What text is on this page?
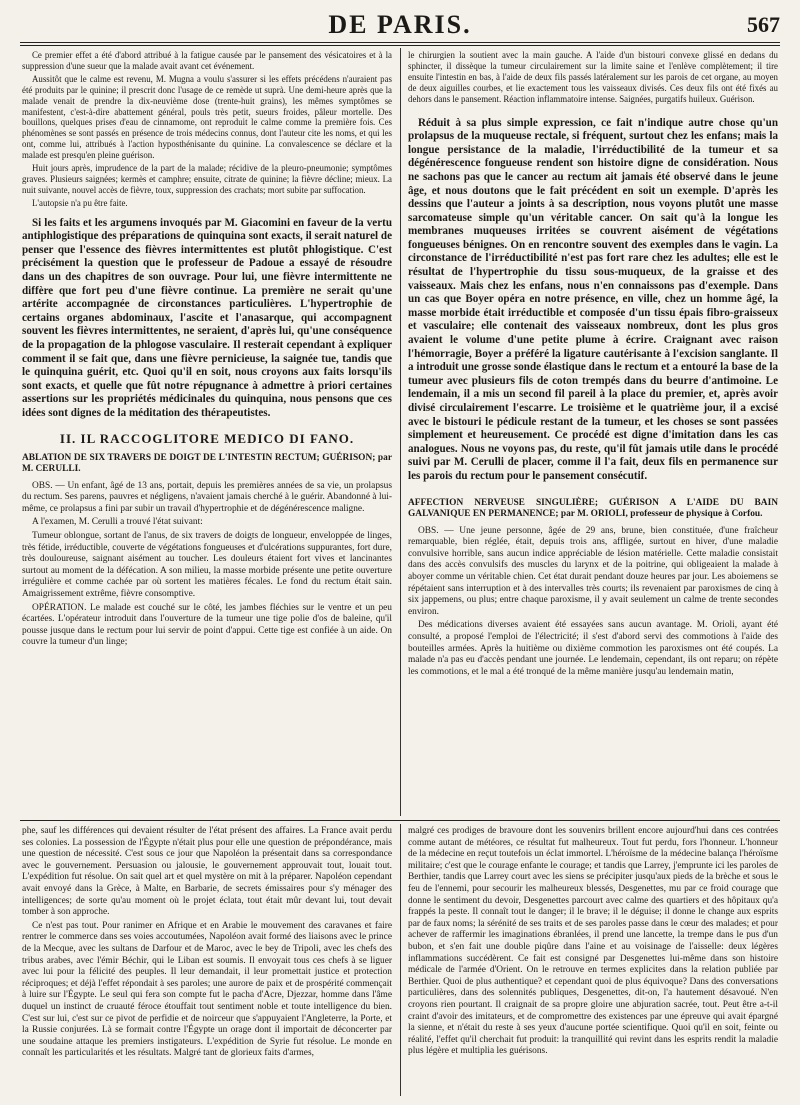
DE PARIS.	567

Ce premier effet a été d'abord attribué à la fatigue causée par le pansement des vésicatoires et à la suppression d'une sueur que la malade avait avant cet événement.

Aussitôt que le calme est revenu, M. Mugna a voulu s'assurer si les effets précédens n'auraient pas été produits par le quinine; il prescrit donc l'usage de ce remède ut suprà. Une demi-heure après que la malade venait de prendre la dix-neuvième dose (trente-huit grains), les mêmes symptômes se manifestent, c'est-à-dire abattement général, pouls très petit, sueurs froides, pâleur mortelle. Des bouillons, quelques prises d'eau de cinnamome, ont reproduit le calme comme la première fois. Ces phénomènes se sont passés en présence de trois médecins connus, dont l'auteur cite les noms, et qui les ont, comme lui, attribués à l'action hyposthénisante du quinine. La convalescence se déclare et la malade est presqu'en pleine guérison.

Huit jours après, imprudence de la part de la malade; récidive de la pleuro-pneumonie; symptômes graves. Plusieurs saignées; kermès et camphre; ensuite, citrate de quinine; la fièvre décline; mieux. La nuit suivante, nouvel accès de fièvre, toux, suppression des crachats; mort subite par suffocation.

L'autopsie n'a pu être faite.

Si les faits et les argumens invoqués par M. Giacomini en faveur de la vertu antiphlogistique des préparations de quinquina sont exacts, il serait naturel de penser que l'essence des fièvres intermittentes est plutôt phlogistique. C'est précisément la question que le professeur de Padoue a essayé de résoudre dans un des chapitres de son ouvrage. Pour lui, une fièvre intermittente ne diffère que fort peu d'une fièvre continue. La première ne serait qu'une artérite accompagnée de circonstances particulières. L'hypertrophie de certains organes abdominaux, l'ascite et l'anasarque, qui accompagnent souvent les fièvres intermittentes, ne seraient, d'après lui, qu'une conséquence de la propagation de la phlogose vasculaire. Il resterait cependant à expliquer comment il se fait que, dans une fièvre pernicieuse, la saignée tue, tandis que le quinquina guérit, etc. Quoi qu'il en soit, nous croyons aux faits lorsqu'ils sont exacts, et quelle que fût notre répugnance à admettre à priori certaines assertions sur les propriétés médicinales du quinquina, nous pensons que ces idées sont dignes de la méditation des thérapeutistes.

II. IL RACCOGLITORE MEDICO DI FANO.
ABLATION DE SIX TRAVERS DE DOIGT DE L'INTESTIN RECTUM; GUÉRISON; par M. CERULLI.

OBS. — Un enfant, âgé de 13 ans, portait, depuis les premières années de sa vie, un prolapsus du rectum. Ses parens, pauvres et négligens, n'avaient jamais cherché à le guérir. Abandonné à lui-même, ce prolapsus a fini par subir un travail d'hypertrophie et de dégénérescence maligne.

A l'examen, M. Cerulli a trouvé l'état suivant:

Tumeur oblongue, sortant de l'anus, de six travers de doigts de longueur, enveloppée de linges, très fétide, irréductible, couverte de végétations fongueuses et d'ulcérations suppurantes, fort dure, très douloureuse, saignant aisément au toucher. Les douleurs étaient fort vives et lancinantes surtout au moment de la défécation. A son milieu, la masse morbide présente une petite ouverture irrégulière et comme cachée par où sortent les matières fécales. Le fond du rectum était sain. Amaigrissement extrême, fièvre consomptive.

OPÉRATION. Le malade est couché sur le côté, les jambes fléchies sur le ventre et un peu écartées. L'opérateur introduit dans l'ouverture de la tumeur une tige polie d'os de baleine, qu'il pousse jusque dans le rectum pour lui servir de point d'appui. Cette tige est confiée à un aide. On couvre la tumeur d'un linge;

le chirurgien la soutient avec la main gauche. A l'aide d'un bistouri convexe glissé en dedans du sphincter, il dissèque la tumeur circulairement sur la limite saine et l'enlève complètement; il tire ensuite l'intestin en bas, à l'aide de deux fils passés latéralement sur les parois de cet organe, au moyen de deux aiguilles courbes, et lie exactement tous les vaisseaux divisés. Ces deux fils ont été fixés au dehors dans le pansement. Réaction inflammatoire intense. Saignées, purgatifs huileux. Guérison.

Réduit à sa plus simple expression, ce fait n'indique autre chose qu'un prolapsus de la muqueuse rectale, si fréquent, surtout chez les enfans; mais la longue persistance de la maladie, l'irréductibilité de la tumeur et sa dégénérescence fongueuse rendent son histoire digne de considération. Nous ne sachons pas que le cancer au rectum ait jamais été observé dans le jeune âge, et nous doutons que le fait précédent en soit un exemple. D'après les dessins que l'auteur a joints à sa description, nous voyons plutôt une masse sarcomateuse simple qu'un véritable cancer. On sait qu'à la longue les membranes muqueuses irritées se couvrent aisément de végétations fongueuses bénignes. On en rencontre souvent des exemples dans le vagin. La circonstance de l'irréductibilité n'est pas fort rare chez les adultes; elle est le résultat de l'hypertrophie du tissu sous-muqueux, de la graisse et des vaisseaux. Mais chez les enfans, nous n'en connaissons pas d'exemple. Dans un cas que Boyer opéra en notre présence, en ville, chez un homme âgé, la masse morbide était irréductible et composée d'un tissu épais fibro-graisseux et vasculaire; elle contenait des vaisseaux nombreux, dont les plus gros avaient le volume d'une petite plume à écrire. Craignant avec raison l'hémorragie, Boyer a préféré la ligature cautérisante à l'excision sanglante. Il a introduit une grosse sonde élastique dans le rectum et a entouré la base de la tumeur avec plusieurs fils de coton trempés dans du beurre d'antimoine. Le lendemain, il a mis un second fil pareil à la place du premier, et, après avoir divisé circulairement l'escarre. Le troisième et le quatrième jour, il a excisé avec le bistouri le pédicule restant de la tumeur, et les choses se sont passées simplement et heureusement. Ce procédé est digne d'imitation dans les cas analogues. Nous ne voyons pas, du reste, qu'il fût jamais utile dans le procédé suivi par M. Cerulli de placer, comme il l'a fait, deux fils en permanence sur les parois du rectum pour le pansement consécutif.

AFFECTION NERVEUSE SINGULIÈRE; GUÉRISON A L'AIDE DU BAIN GALVANIQUE EN PERMANENCE; par M. ORIOLI, professeur de physique à Corfou.

OBS. — Une jeune personne, âgée de 29 ans, brune, bien constituée, d'une fraîcheur remarquable, bien réglée, était, depuis trois ans, affligée, surtout en hiver, d'une maladie convulsive horrible, sans aucun indice appréciable de lésion matérielle. Cette maladie consistait dans des accès convulsifs des muscles du larynx et de la poitrine, qui obligeaient la malade à aboyer comme un véritable chien. Cet état durait pendant douze heures par jour. Les aboiemens se répétaient sans interruption et à des intervalles très courts; ils revenaient par paroxismes de cinq à six jappemens, ou plus; entre chaque paroxisme, il y avait seulement un calme de trente secondes environ.

Des médications diverses avaient été essayées sans aucun avantage. M. Orioli, ayant été consulté, a proposé l'emploi de l'électricité; il s'est d'abord servi des commotions à l'aide des bouteilles armées. Après la huitième ou dixième commotion les paroxismes ont été coupés. La malade n'a pas eu d'accès pendant une journée. Le lendemain, cependant, ils ont reparu; on répète les commotions, et le mal a été tronqué de la même manière jusqu'au lendemain matin,

phe, sauf les différences qui devaient résulter de l'état présent des affaires. La France avait perdu ses colonies. La possession de l'Égypte n'était plus pour elle une question de prépondérance, mais une question de nécessité. C'est sous ce jour que Napoléon la présentait dans sa correspondance avec le gouvernement. Persuasion ou jalousie, le gouvernement approuvait tout, louait tout. L'expédition fut résolue. On sait quel art et quel mystère on mit à la préparer. Napoléon cependant avait envoyé dans la Grèce, à Malte, en Barbarie, de secrets émissaires pour s'y ménager des intelligences; de sorte qu'au moment où le projet éclata, tout était mûr devant lui, tout devait tomber à son approche.

Ce n'est pas tout. Pour ranimer en Afrique et en Arabie le mouvement des caravanes et faire rentrer le commerce dans ses voies accoutumées, Napoléon avait formé des liaisons avec le prince de la Mecque, avec les sultans de Darfour et de Maroc, avec le bey de Tripoli, avec les chefs des tribus arabes, avec l'émir Béchir, qui le Liban est soumis. Il envoyait tous ces chefs à se liguer avec lui pour la félicité des peuples. Il leur demandait, il leur promettait justice et protection réciproques; et déjà l'effet répondait à ses paroles; une aurore de paix et de prospérité commençait à luire sur l'Égypte. Le seul qui fera son compte fut le pacha d'Acre, Djezzar, homme dans l'âme duquel un instinct de cruauté féroce étouffait tout sentiment noble et toute intelligence du bien. C'est sur lui, c'est sur ce pivot de perfidie et de noirceur que s'appuyaient l'Angleterre, la Porte, et la Russie conjurées. Là se formait contre l'Égypte un orage dont il importait de déconcerter par une soudaine attaque les premiers instigateurs. L'expédition de Syrie fut résolue. Le monde en connaît les particularités et les résultats. Malgré tant de glorieux faits d'armes,

malgré ces prodiges de bravoure dont les souvenirs brillent encore aujourd'hui dans ces contrées comme autant de météores, ce résultat fut malheureux. Tout fut perdu, fors l'honneur. L'honneur de la médecine en reçut toutefois un éclat immortel. L'héroïsme de la médecine balança l'héroïsme militaire; c'est que le courage enfante le courage; et tandis que Larrey, j'emprunte ici les paroles de Berthier, tandis que Larrey court avec les siens se précipiter jusqu'aux pieds de la brèche et sous le feu de l'ennemi, pour secourir les malheureux blessés, Desgenettes, mu par ce froid courage que donne le sentiment du devoir, Desgenettes parcourt avec calme des quartiers et des hôpitaux qu'a frappés la peste. Il connaît tout le danger; il le brave; il le déguise; il donne le change aux esprits par de faux noms; la sérénité de ses traits et de ses paroles passe dans le cœur des malades; et pour achever de raffermir les imaginations ébranlées, il prend une lancette, la trempe dans le pus d'un bubon, et s'en fait une double piqûre dans l'aine et au voisinage de l'aisselle: deux légères inflammations succédèrent. Ce fait est consigné par Desgenettes lui-même dans son histoire médicale de l'armée d'Orient. On le retrouve en termes explicites dans la relation publiée par Berthier. Quoi de plus authentique? et cependant quoi de plus équivoque? Dans des conversations particulières, dans des solennités publiques, Desgenettes, dit-on, l'a hautement désavoué. N'en croyons rien pourtant. Il craignait de sa propre gloire une abjuration sacrée, tout. Peut être a-t-il craint d'avoir des imitateurs, et de compromettre des existences par une épreuve qui avait épargné la sienne, et n'était du reste à ses yeux d'aucune portée scientifique. Quoi qu'il en soit, feinte ou réalité, l'effet qu'il cherchait fut produit: la tranquillité qui revint dans les esprits rendit la maladie plus légère et multiplia les guérisons.
